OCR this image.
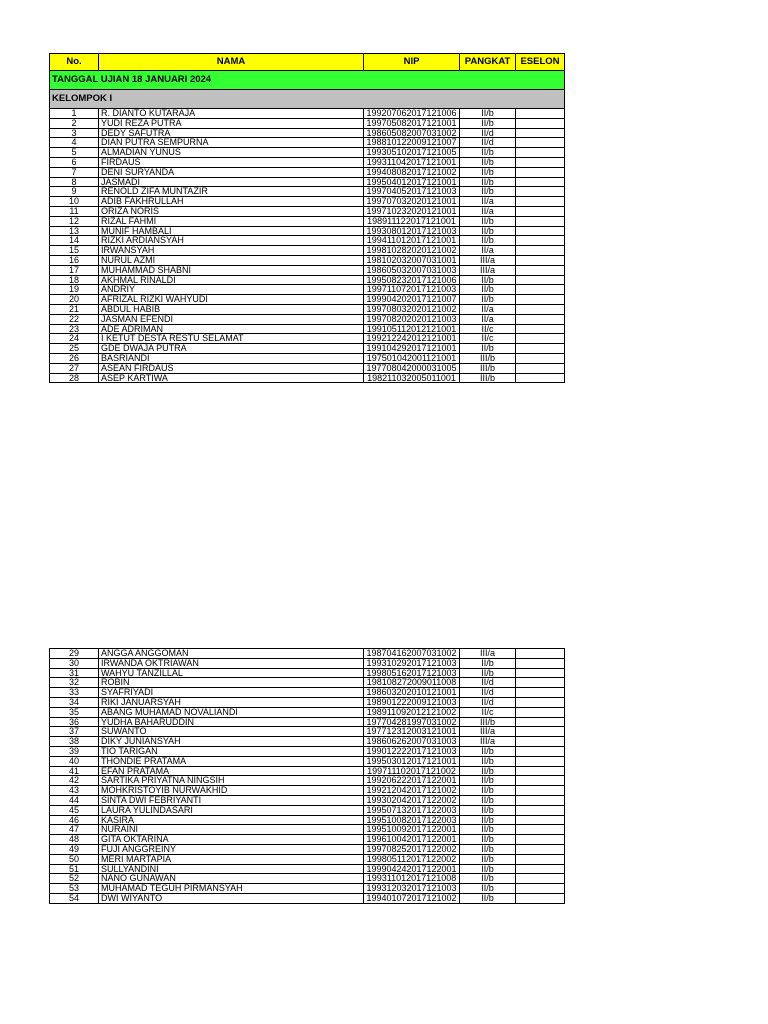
No.	NAMA	NIP	PANGKAT	ESELON
TANGGAL UJIAN 18 JANUARI 2024				
KELOMPOK I				
1	R. DIANTO KUTARAJA	199207062017121006	II/b	
2	YUDI REZA PUTRA	199705082017121001	II/b	
3	DEDY SAFUTRA	198605082007031002	II/d	
4	DIAN PUTRA SEMPURNA	198810122009121007	II/d	
5	ALMADIAN YUNUS	199305102017121005	II/b	
6	FIRDAUS	199311042017121001	II/b	
7	DENI SURYANDA	199408082017121002	II/b	
8	JASMADI	199504012017121001	II/b	
9	RENOLD ZIFA MUNTAZIR	199704052017121003	II/b	
10	ADIB FAKHRULLAH	199707032020121001	II/a	
11	ORIZA NORIS	199710232020121001	II/a	
12	RIZAL FAHMI	198911122017121001	II/b	
13	MUNIF HAMBALI	199308012017121003	II/b	
14	RIZKI ARDIANSYAH	199411012017121001	II/b	
15	IRWANSYAH	199810282020121002	II/a	
16	NURUL AZMI	198102032007031001	III/a	
17	MUHAMMAD SHABNI	198605032007031003	III/a	
18	AKHMAL RINALDI	199508232017121006	II/b	
19	ANDRIY	199711072017121003	II/b	
20	AFRIZAL RIZKI WAHYUDI	199904202017121007	II/b	
21	ABDUL HABIB	199708032020121002	II/a	
22	JASMAN EFENDI	199708202020121003	II/a	
23	ADE ADRIMAN	199105112012121001	II/c	
24	I KETUT DESTA RESTU SELAMAT	199212242012121001	II/c	
25	GDE DWAJA PUTRA	199104292017121001	II/b	
26	BASRIANDI	197501042001121001	III/b	
27	ASEAN FIRDAUS	197708042000031005	III/b	
28	ASEP KARTIWA	198211032005011001	III/b	
29	ANGGA ANGGOMAN	198704162007031002	III/a	
30	IRWANDA OKTRIAWAN	199310292017121003	II/b	
31	WAHYU TANZILLAL	199805162017121003	II/b	
32	ROBIN	198108272009011008	II/d	
33	SYAFRIYADI	198603202010121001	II/d	
34	RIKI JANUARSYAH	198901222009121003	II/d	
35	ABANG MUHAMAD NOVALIANDI	198911092012121002	II/c	
36	YUDHA BAHARUDDIN	197704281997031002	III/b	
37	SUWANTO	197712312003121001	III/a	
38	DIKY JUNIANSYAH	198606262007031003	III/a	
39	TIO TARIGAN	199012222017121003	II/b	
40	THONDIE PRATAMA	199503012017121001	II/b	
41	EFAN PRATAMA	199711102017121002	II/b	
42	SARTIKA PRIYATNA NINGSIH	199206222017122001	II/b	
43	MOHKRISTOYIB NURWAKHID	199212042017121002	II/b	
44	SINTA DWI FEBRIYANTI	199302042017122002	II/b	
45	LAURA YULINDASARI	199507132017122003	II/b	
46	KASIRA	199510082017122003	II/b	
47	NURAINI	199510092017122001	II/b	
48	GITA OKTARINA	199610042017122001	II/b	
49	FUJI ANGGREINY	199708252017122002	II/b	
50	MERI MARTAPIA	199805112017122002	II/b	
51	SULLYANDINI	199904242017122001	II/b	
52	NANO GUNAWAN	199311012017121008	II/b	
53	MUHAMAD TEGUH PIRMANSYAH	199312032017121003	II/b	
54	DWI WIYANTO	199401072017121002	II/b	
